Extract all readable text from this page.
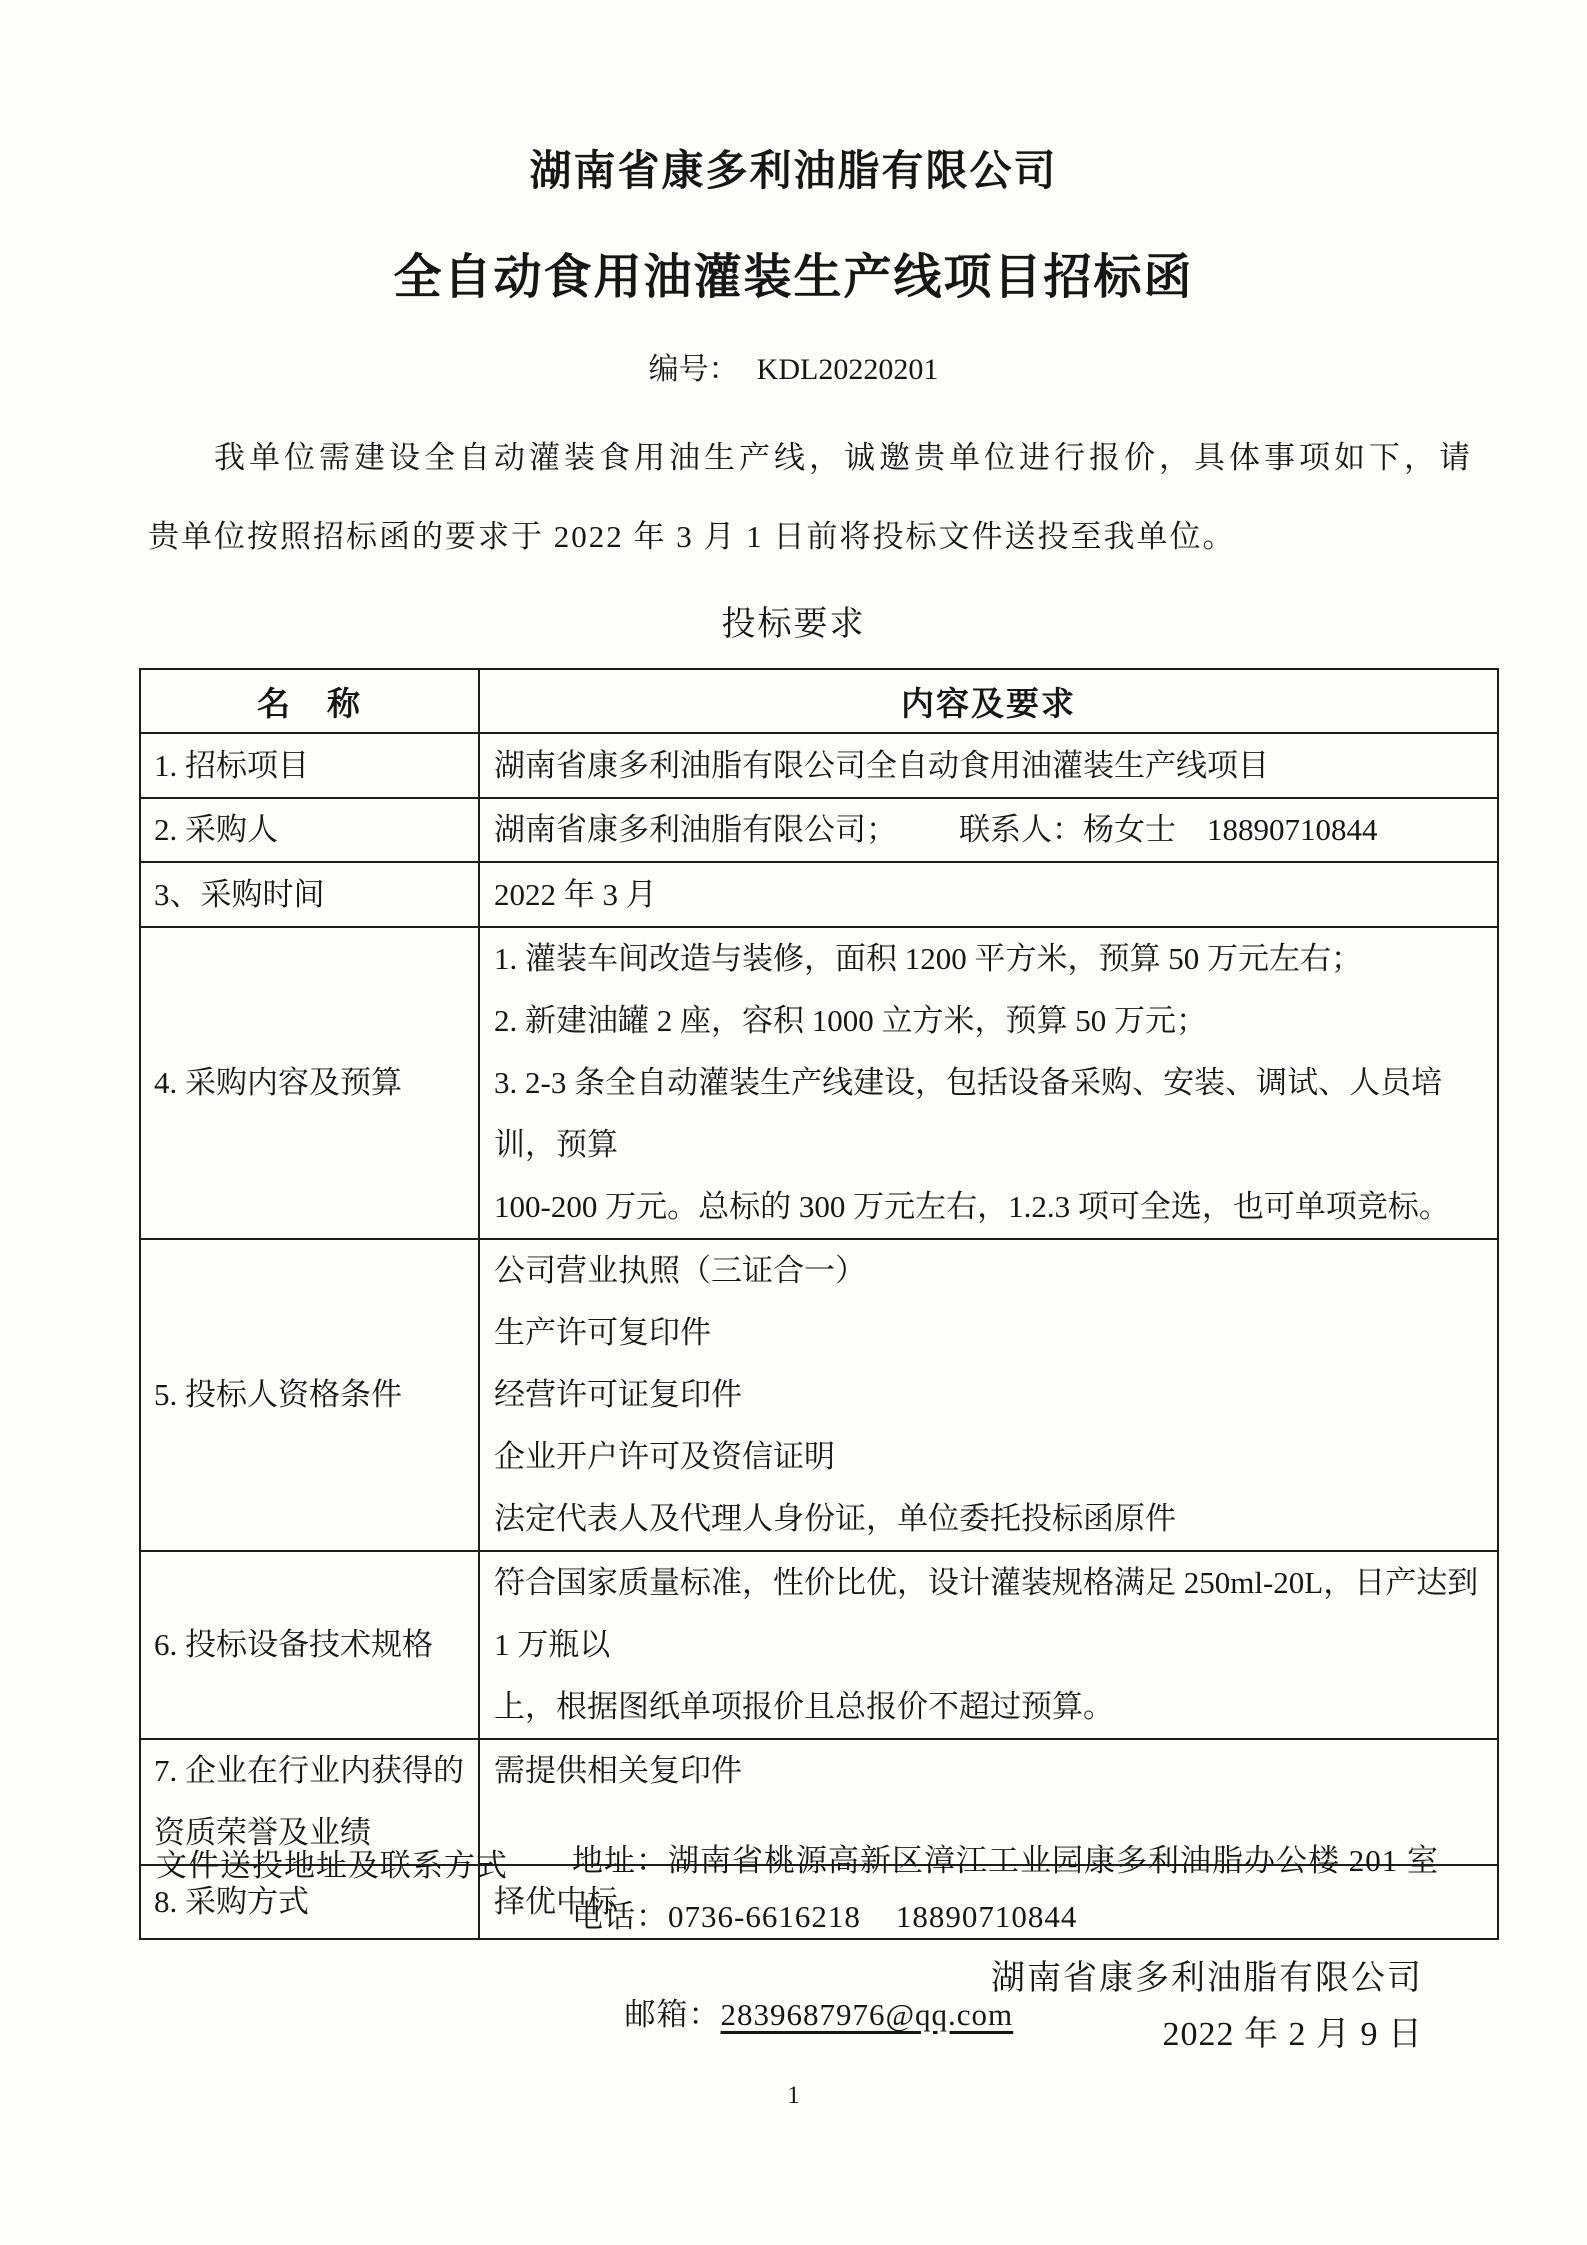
湖南省康多利油脂有限公司
全自动食用油灌装生产线项目招标函
编号： KDL20220201
我单位需建设全自动灌装食用油生产线，诚邀贵单位进行报价，具体事项如下，请
贵单位按照招标函的要求于 2022 年 3 月 1 日前将投标文件送投至我单位。
投标要求
名　称	内容及要求

1. 招标项目	湖南省康多利油脂有限公司全自动食用油灌装生产线项目

2. 采购人	湖南省康多利油脂有限公司；　　  联系人：杨女士　18890710844

3、采购时间	2022 年 3 月

4. 采购内容及预算	1. 灌装车间改造与装修，面积 1200 平方米，预算 50 万元左右；
2. 新建油罐 2 座，容积 1000 立方米，预算 50 万元；
3. 2-3 条全自动灌装生产线建设，包括设备采购、安装、调试、人员培训，预算
100-200 万元。总标的 300 万元左右，1.2.3 项可全选，也可单项竞标。

5. 投标人资格条件	公司营业执照（三证合一）
生产许可复印件
经营许可证复印件
企业开户许可及资信证明
法定代表人及代理人身份证，单位委托投标函原件

6. 投标设备技术规格	符合国家质量标准，性价比优，设计灌装规格满足 250ml-20L，日产达到 1 万瓶以
上，根据图纸单项报价且总报价不超过预算。

7. 企业在行业内获得的资质荣誉及业绩	需提供相关复印件

8. 采购方式	择优中标
文件送投地址及联系方式 地址：湖南省桃源高新区漳江工业园康多利油脂办公楼 201 室
电话：0736-6616218    18890710844

邮箱：2839687976@qq.com

湖南省康多利油脂有限公司
2022 年 2 月 9 日
1
